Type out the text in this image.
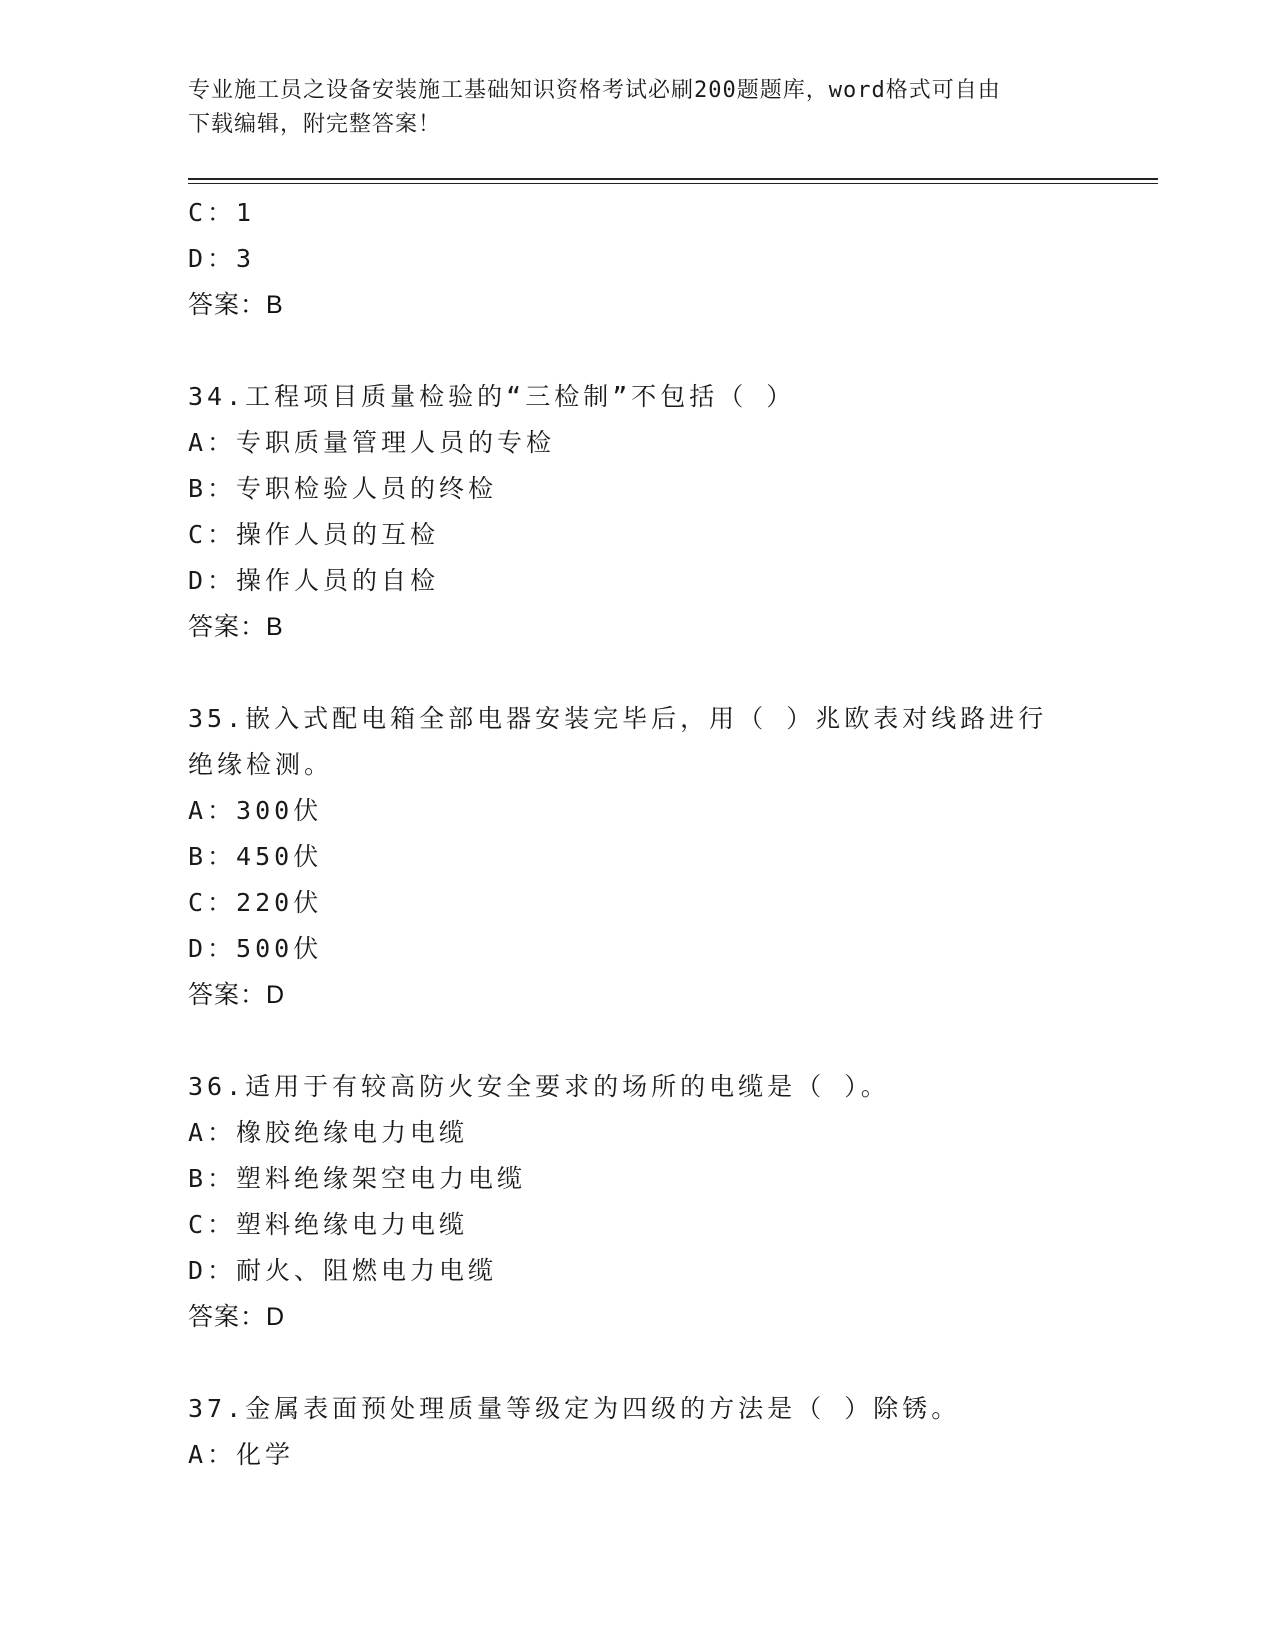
专业施工员之设备安装施工基础知识资格考试必刷200题题库，word格式可自由
下载编辑，附完整答案！
C：1
D：3
答案：B
34.工程项目质量检验的“三检制”不包括（ ）
A：专职质量管理人员的专检
B：专职检验人员的终检
C：操作人员的互检
D：操作人员的自检
答案：B
35.嵌入式配电箱全部电器安装完毕后，用（ ）兆欧表对线路进行绝缘检测。
A：300伏
B：450伏
C：220伏
D：500伏
答案：D
36.适用于有较高防火安全要求的场所的电缆是（ ）。
A：橡胶绝缘电力电缆
B：塑料绝缘架空电力电缆
C：塑料绝缘电力电缆
D：耐火、阻燃电力电缆
答案：D
37.金属表面预处理质量等级定为四级的方法是（ ）除锈。
A：化学
